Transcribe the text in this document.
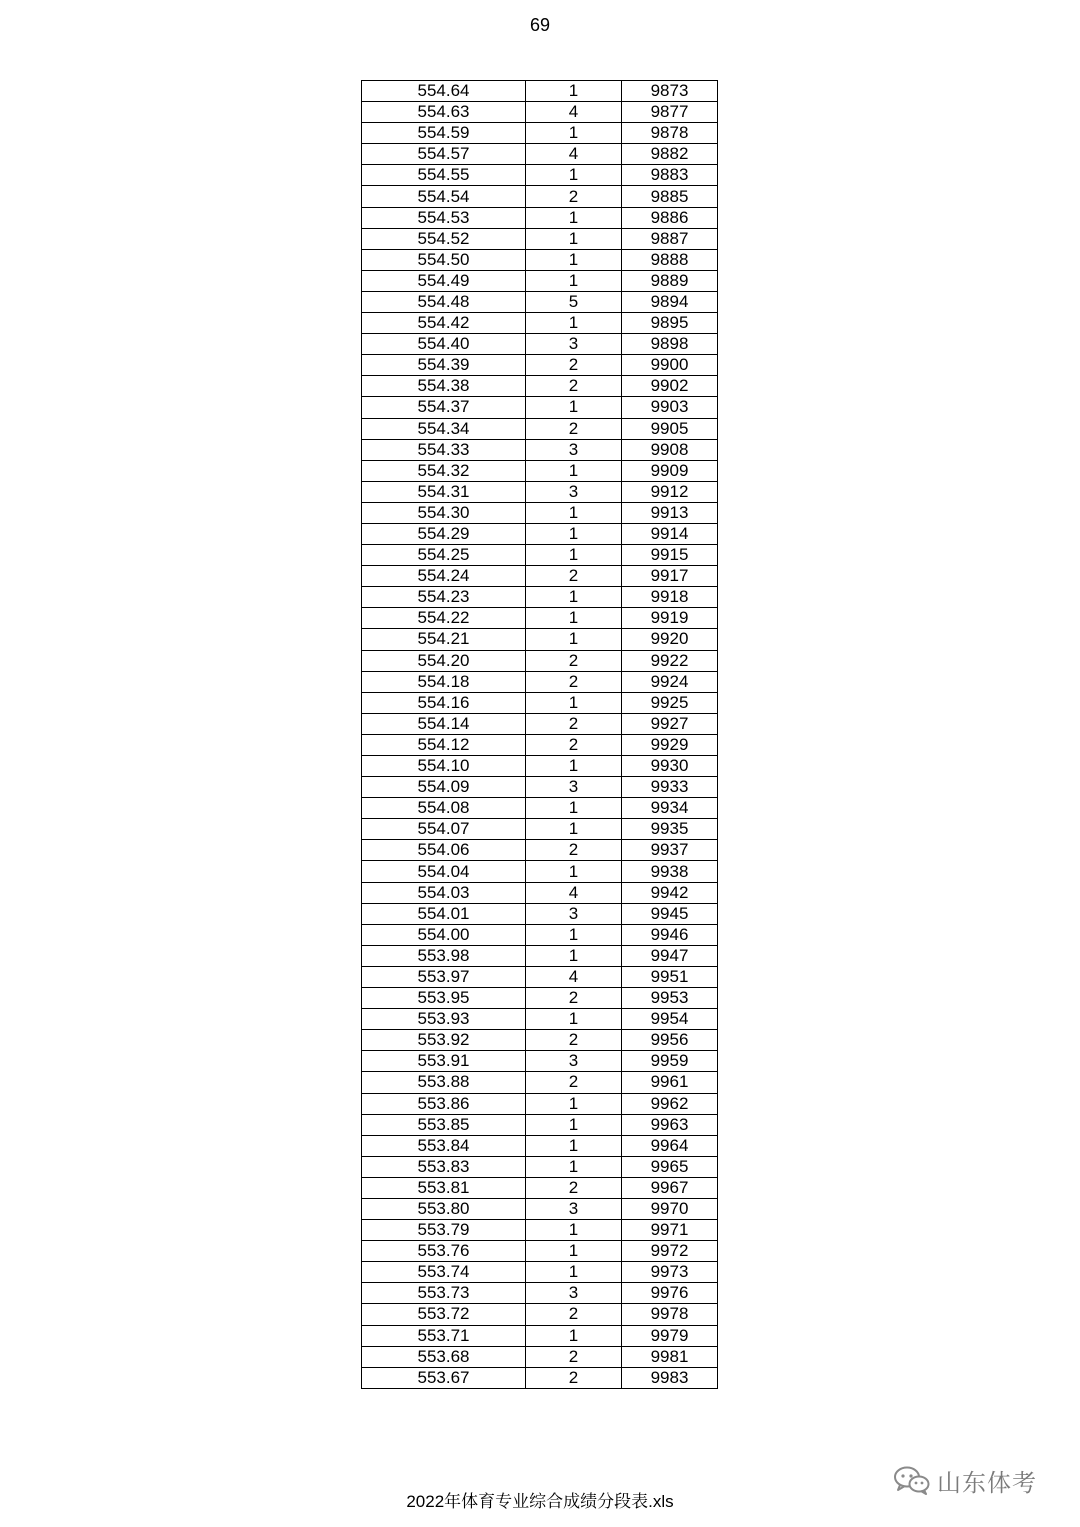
69
554.64	1	9873
554.63	4	9877
554.59	1	9878
554.57	4	9882
554.55	1	9883
554.54	2	9885
554.53	1	9886
554.52	1	9887
554.50	1	9888
554.49	1	9889
554.48	5	9894
554.42	1	9895
554.40	3	9898
554.39	2	9900
554.38	2	9902
554.37	1	9903
554.34	2	9905
554.33	3	9908
554.32	1	9909
554.31	3	9912
554.30	1	9913
554.29	1	9914
554.25	1	9915
554.24	2	9917
554.23	1	9918
554.22	1	9919
554.21	1	9920
554.20	2	9922
554.18	2	9924
554.16	1	9925
554.14	2	9927
554.12	2	9929
554.10	1	9930
554.09	3	9933
554.08	1	9934
554.07	1	9935
554.06	2	9937
554.04	1	9938
554.03	4	9942
554.01	3	9945
554.00	1	9946
553.98	1	9947
553.97	4	9951
553.95	2	9953
553.93	1	9954
553.92	2	9956
553.91	3	9959
553.88	2	9961
553.86	1	9962
553.85	1	9963
553.84	1	9964
553.83	1	9965
553.81	2	9967
553.80	3	9970
553.79	1	9971
553.76	1	9972
553.74	1	9973
553.73	3	9976
553.72	2	9978
553.71	1	9979
553.68	2	9981
553.67	2	9983
山东体考
2022年体育专业综合成绩分段表.xls
